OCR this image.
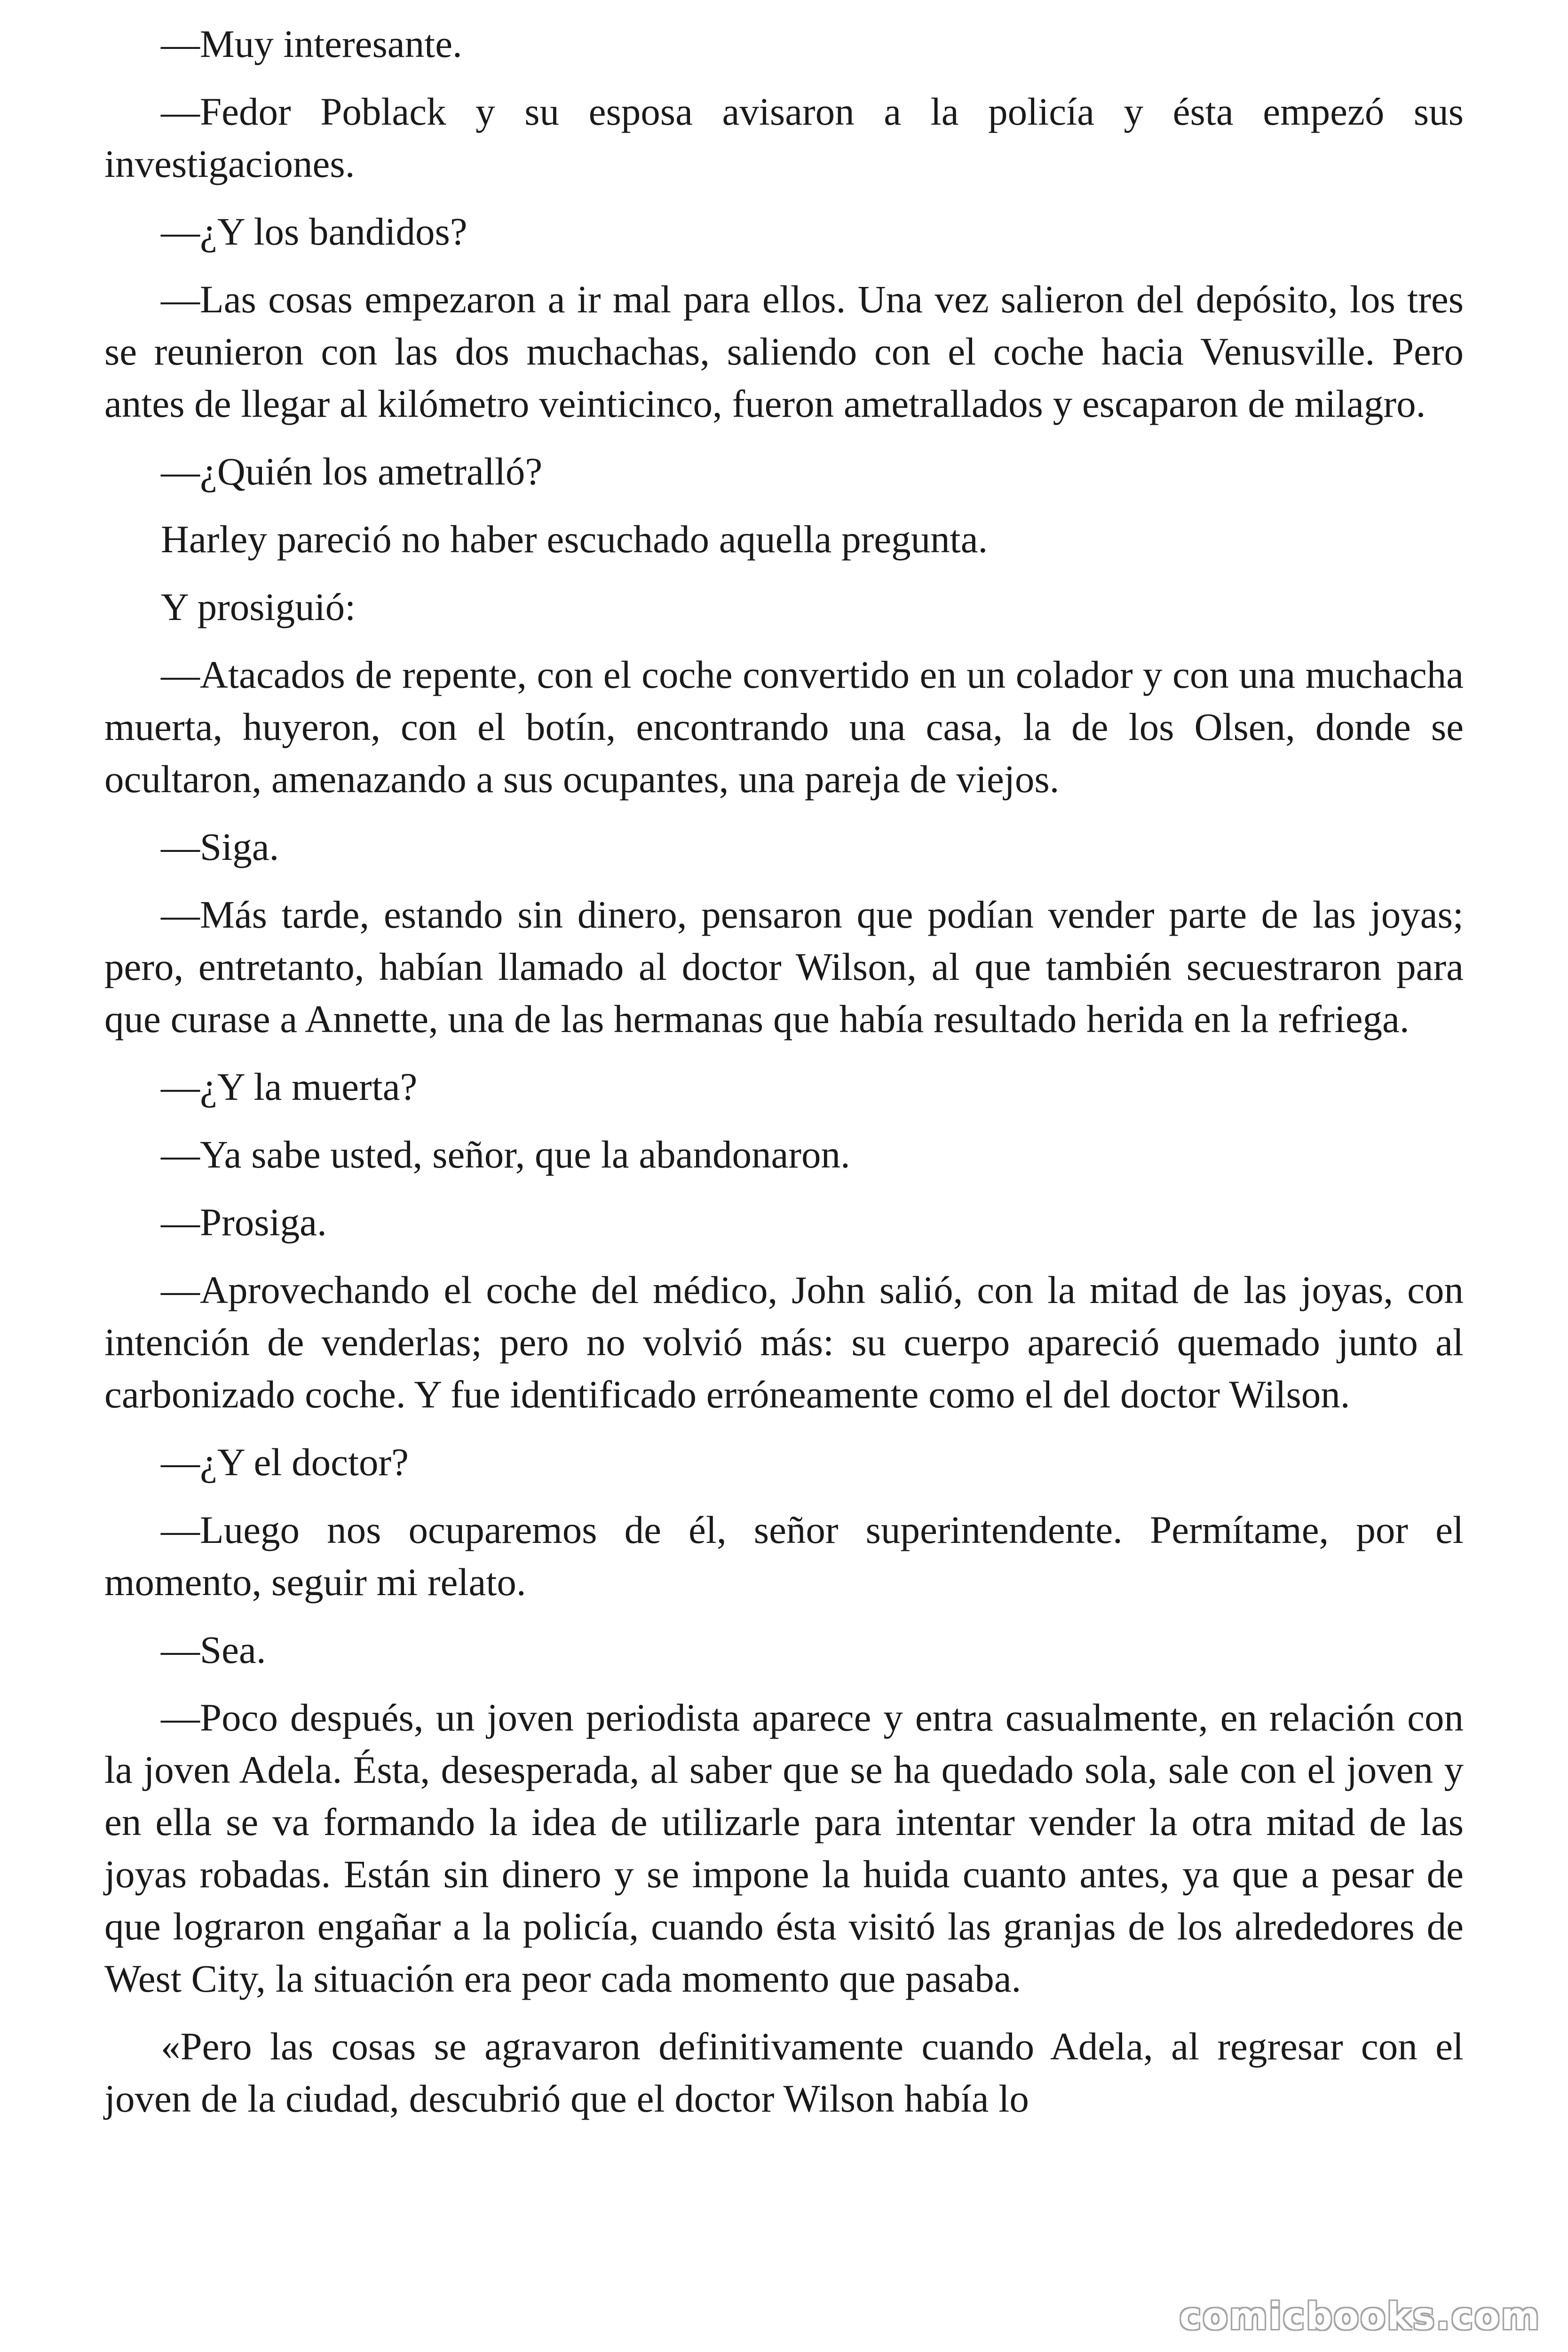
—Muy interesante.

—Fedor Poblack y su esposa avisaron a la policía y ésta empezó sus investigaciones.

—¿Y los bandidos?

—Las cosas empezaron a ir mal para ellos. Una vez salieron del depósito, los tres se reunieron con las dos muchachas, saliendo con el coche hacia Venusville. Pero antes de llegar al kilómetro veinticinco, fueron ametrallados y escaparon de milagro.

—¿Quién los ametralló?

Harley pareció no haber escuchado aquella pregunta.

Y prosiguió:

—Atacados de repente, con el coche convertido en un colador y con una muchacha muerta, huyeron, con el botín, encontrando una casa, la de los Olsen, donde se ocultaron, amenazando a sus ocupantes, una pareja de viejos.

—Siga.

—Más tarde, estando sin dinero, pensaron que podían vender parte de las joyas; pero, entretanto, habían llamado al doctor Wilson, al que también secuestraron para que curase a Annette, una de las hermanas que había resultado herida en la refriega.

—¿Y la muerta?

—Ya sabe usted, señor, que la abandonaron.

—Prosiga.

—Aprovechando el coche del médico, John salió, con la mitad de las joyas, con intención de venderlas; pero no volvió más: su cuerpo apareció quemado junto al carbonizado coche. Y fue identificado erróneamente como el del doctor Wilson.

—¿Y el doctor?

—Luego nos ocuparemos de él, señor superintendente. Permítame, por el momento, seguir mi relato.

—Sea.

—Poco después, un joven periodista aparece y entra casualmente, en relación con la joven Adela. Ésta, desesperada, al saber que se ha quedado sola, sale con el joven y en ella se va formando la idea de utilizarle para intentar vender la otra mitad de las joyas robadas. Están sin dinero y se impone la huida cuanto antes, ya que a pesar de que lograron engañar a la policía, cuando ésta visitó las granjas de los alrededores de West City, la situación era peor cada momento que pasaba.

«Pero las cosas se agravaron definitivamente cuando Adela, al regresar con el joven de la ciudad, descubrió que el doctor Wilson había lo

comicbooks.com
